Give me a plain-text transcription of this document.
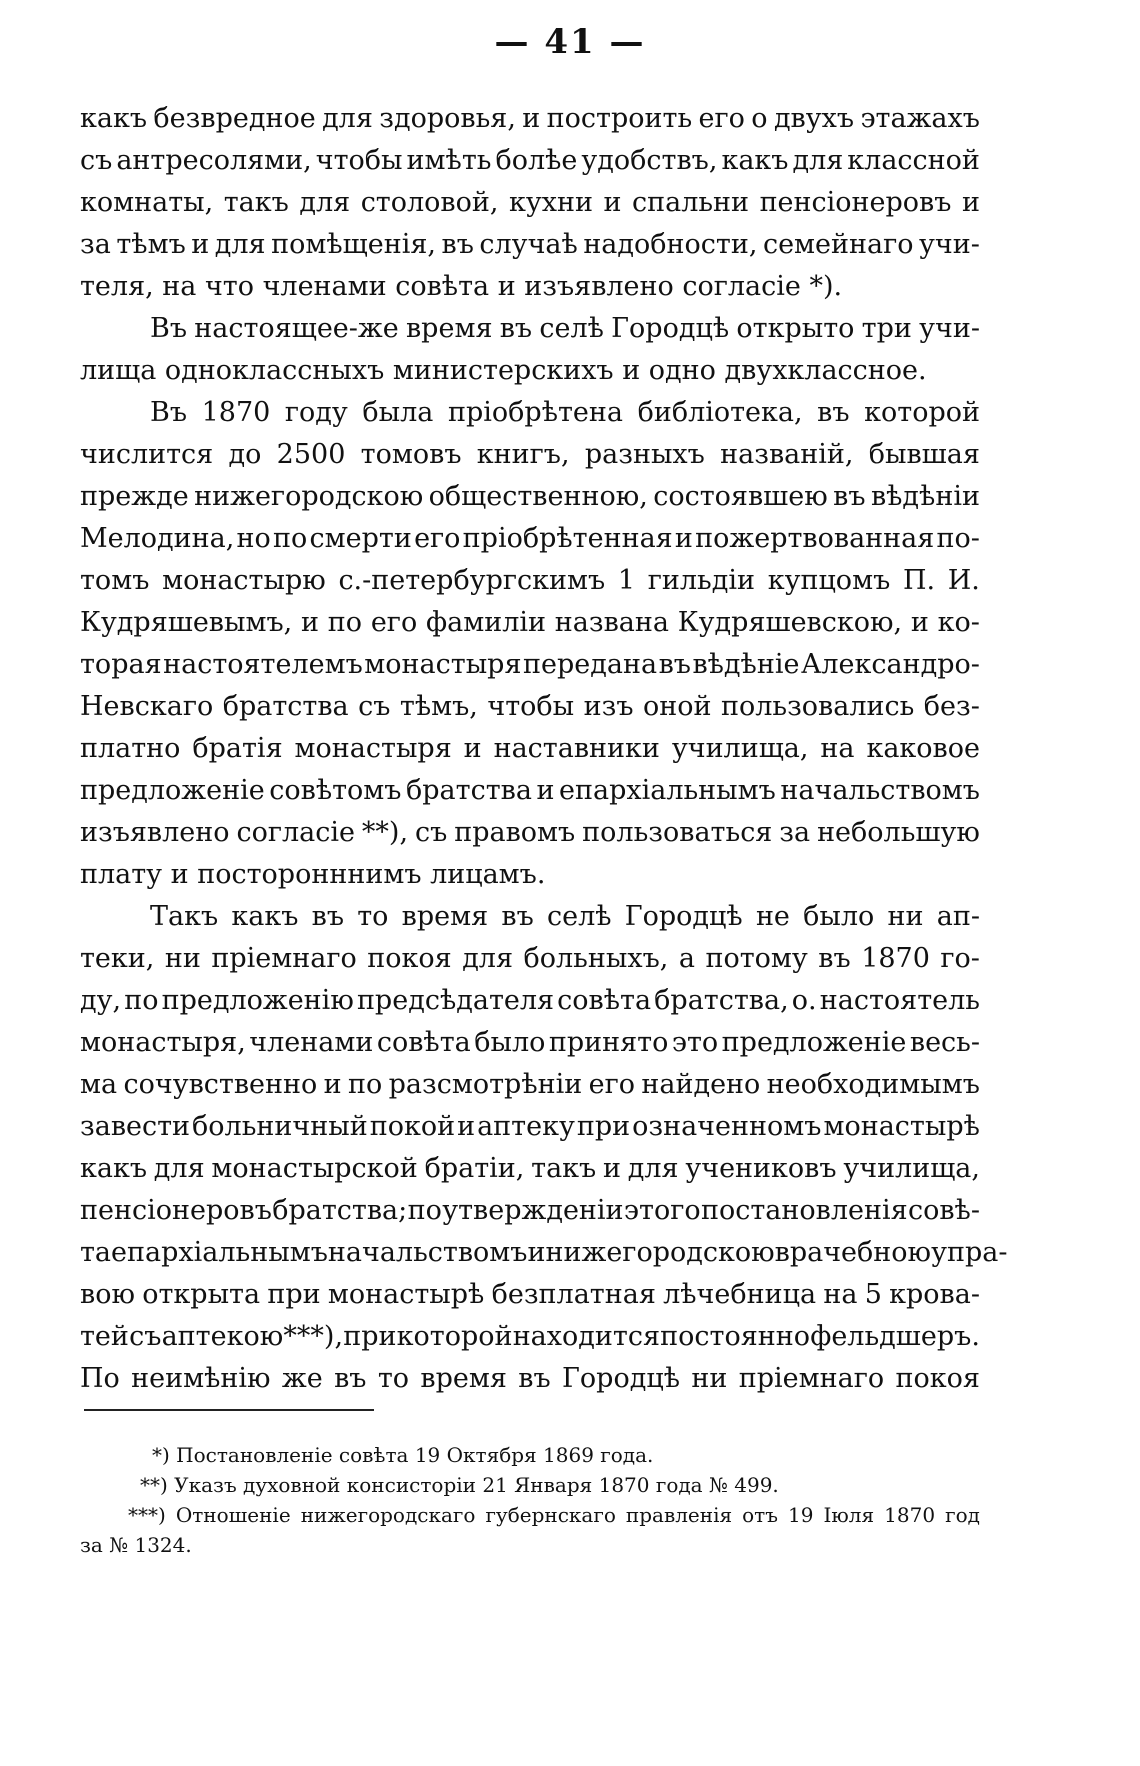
— 41 —
какъ безвредное для здоровья, и построить его о двухъ этажахъ
съ антресолями, чтобы имѣть болѣе удобствъ, какъ для классной
комнаты, такъ для столовой, кухни и спальни пенсіонеровъ и
за тѣмъ и для помѣщенія, въ случаѣ надобности, семейнаго учи-
теля, на что членами совѣта и изъявлено согласіе *).
Въ настоящее-же время въ селѣ Городцѣ открыто три учи-
лища одноклассныхъ министерскихъ и одно двухклассное.
Въ 1870 году была пріобрѣтена библіотека, въ которой
числится до 2500 томовъ книгъ, разныхъ названій, бывшая
прежде нижегородскою общественною, состоявшею въ вѣдѣніи
Мелодина, но по смерти его пріобрѣтенная и пожертвованная по-
томъ монастырю с.-петербургскимъ 1 гильдіи купцомъ П. И.
Кудряшевымъ, и по его фамиліи названа Кудряшевскою, и ко-
торая настоятелемъ монастыря передана въ вѣдѣніе Александро-
Невскаго братства съ тѣмъ, чтобы изъ оной пользовались без-
платно братія монастыря и наставники училища, на каковое
предложеніе совѣтомъ братства и епархіальнымъ начальствомъ
изъявлено согласіе **), съ правомъ пользоваться за небольшую
плату и посторонннимъ лицамъ.
Такъ какъ въ то время въ селѣ Городцѣ не было ни ап-
теки, ни пріемнаго покоя для больныхъ, а потому въ 1870 го-
ду, по предложенію предсѣдателя совѣта братства, о. настоятель
монастыря, членами совѣта было принято это предложеніе весь-
ма сочувственно и по разсмотрѣніи его найдено необходимымъ
завести больничный покой и аптеку при означенномъ монастырѣ
какъ для монастырской братіи, такъ и для учениковъ училища,
пенсіонеровъ братства; по утвержденіи этого постановленія совѣ-
та епархіальнымъ начальствомъ и нижегородскою врачебною упра-
вою открыта при монастырѣ безплатная лѣчебница на 5 крова-
тей съ аптекою ***), при которой находится постоянно фельдшеръ.
По неимѣнію же въ то время въ Городцѣ ни пріемнаго покоя
*) Постановленіе совѣта 19 Октября 1869 года.
**) Указъ духовной консисторіи 21 Января 1870 года № 499.
***) Отношеніе нижегородскаго губернскаго правленія отъ 19 Іюля 1870 год
за № 1324.
